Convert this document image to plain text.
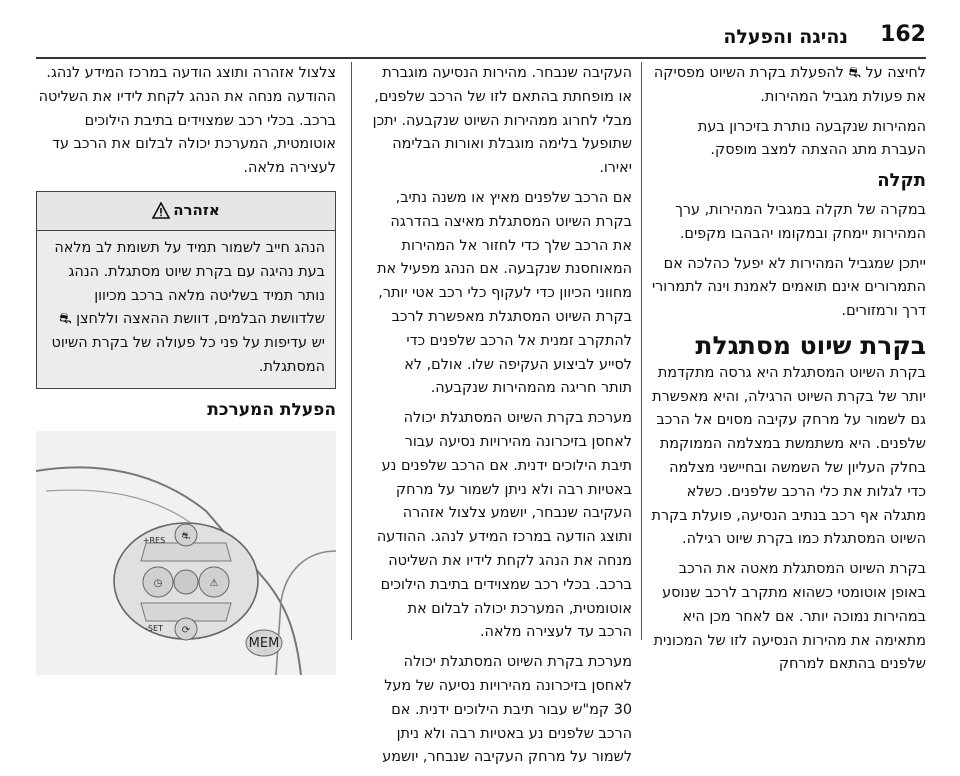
162
נהיגה והפעלה

לחיצה על ⛐ להפעלת בקרת השיוט מפסיקה את פעולת מגביל המהירות.

המהירות שנקבעה נותרת בזיכרון בעת העברת מתג ההצתה למצב מופסק.

תקלה

במקרה של תקלה במגביל המהירות, ערך המהירות יימחק ובמקומו יהבהבו מקפים.

ייתכן שמגביל המהירות לא יפעל כהלכה אם התמרורים אינם תואמים לאמנת וינה לתמרורי דרך ורמזורים.

בקרת שיוט מסתגלת

בקרת השיוט המסתגלת היא גרסה מתקדמת יותר של בקרת השיוט הרגילה, והיא מאפשרת גם לשמור על מרחק עקיבה מסוים אל הרכב שלפנים. היא משתמשת במצלמה הממוקמת בחלק העליון של השמשה ובחיישני מצלמה כדי לגלות את כלי הרכב שלפנים. כשלא מתגלה אף רכב בנתיב הנסיעה, פועלת בקרת השיוט המסתגלת כמו בקרת שיוט רגילה.

בקרת השיוט המסתגלת מאטה את הרכב באופן אוטומטי כשהוא מתקרב לרכב שנוסע במהירות נמוכה יותר. אם לאחר מכן היא מתאימה את מהירות הנסיעה לזו של המכונית שלפנים בהתאם למרחק

העקיבה שנבחר. מהירות הנסיעה מוגברת או מופחתת בהתאם לזו של הרכב שלפנים, מבלי לחרוג ממהירות השיוט שנקבעה. יתכן שתופעל בלימה מוגבלת ואורות הבלימה יאירו.

אם הרכב שלפנים מאיץ או משנה נתיב, בקרת השיוט המסתגלת מאיצה בהדרגה את הרכב שלך כדי לחזור אל המהירות המאוחסנת שנקבעה. אם הנהג מפעיל את מחווני הכיוון כדי לעקוף כלי רכב אטי יותר, בקרת השיוט המסתגלת מאפשרת לרכב להתקרב זמנית אל הרכב שלפנים כדי לסייע לביצוע העקיפה שלו. אולם, לא תותר חריגה מהמהירות שנקבעה.

מערכת בקרת השיוט המסתגלת יכולה לאחסן בזיכרונה מהירויות נסיעה עבור תיבת הילוכים ידנית. אם הרכב שלפנים נע באטיות רבה ולא ניתן לשמור על מרחק העקיבה שנבחר, יושמע צלצול אזהרה ותוצג הודעה במרכז המידע לנהג. ההודעה מנחה את הנהג לקחת לידיו את השליטה ברכב. בכלי רכב שמצוידים בתיבת הילוכים אוטומטית, המערכת יכולה לבלום את הרכב עד לעצירה מלאה.

מערכת בקרת השיוט המסתגלת יכולה לאחסן בזיכרונה מהירויות נסיעה של מעל 30 קמ"ש עבור תיבת הילוכים ידנית. אם הרכב שלפנים נע באטיות רבה ולא ניתן לשמור על מרחק העקיבה שנבחר, יושמע

צלצול אזהרה ותוצג הודעה במרכז המידע לנהג. ההודעה מנחה את הנהג לקחת לידיו את השליטה ברכב. בכלי רכב שמצוידים בתיבת הילוכים אוטומטית, המערכת יכולה לבלום את הרכב עד לעצירה מלאה.

אזהרה
הנהג חייב לשמור תמיד על תשומת לב מלאה בעת נהיגה עם בקרת שיוט מסתגלת. הנהג נותר תמיד בשליטה מלאה ברכב מכיוון שלדוושת הבלמים, דוושת ההאצה וללחצן ⛐ יש עדיפות על פני כל פעולה של בקרת השיוט המסתגלת.
הפעלת המערכת
MEM
RES+
SET-
⛐
◷	⚠
⟳
